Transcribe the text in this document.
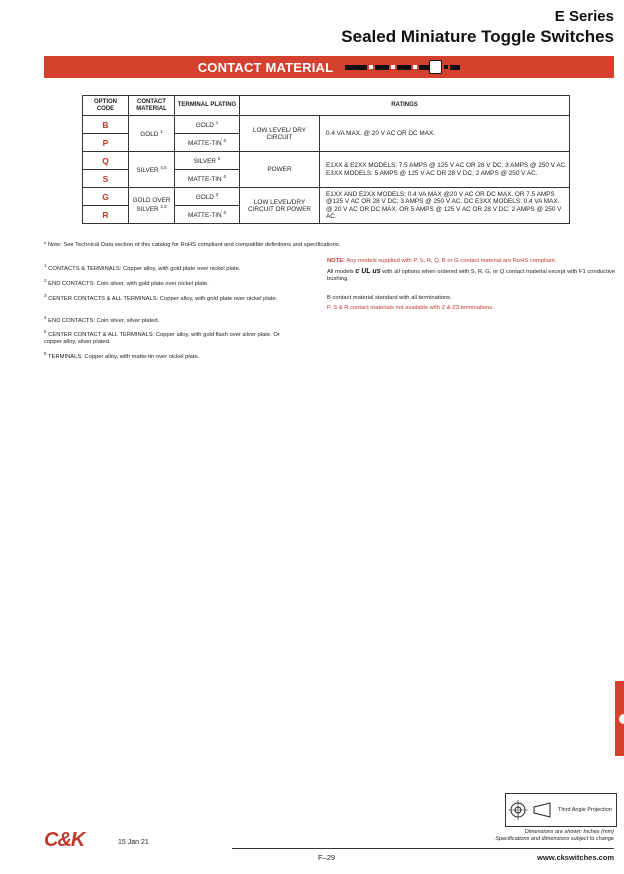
E Series
Sealed Miniature Toggle Switches
CONTACT MATERIAL
OPTION CODE	CONTACT MATERIAL	TERMINAL PLATING	RATINGS	
B	GOLD $^1$	GOLD $^1$	LOW LEVEL/ DRY CIRCUIT	0.4 VA MAX. @ 20 V AC OR DC MAX.
P		MATTE-TIN $^6$
Q	SILVER $^{4,5}$	SILVER $^5$	POWER	E1XX & E2XX MODELS: 7.5 AMPS @ 125 V AC OR 28 V DC; 3 AMPS @ 250 V AC. E3XX MODELS: 5 AMPS @ 125 V AC OR 28 V DC; 2 AMPS @ 250 V AC.
S		MATTE-TIN $^6$
G	GOLD OVER SILVER $^{2,3}$	GOLD $^3$	LOW LEVEL/DRY CIRCUIT OR POWER	E1XX AND E2XX MODELS: 0.4 VA MAX @20 V AC OR DC MAX. OR 7.5 AMPS @125 V AC OR 28 V DC; 3 AMPS @ 250 V AC. DC E3XX MODELS: 0.4 VA MAX. @ 20 V AC OR DC MAX. OR 5 AMPS @ 125 V AC OR 28 V DC; 2 AMPS @ 250 V AC.
R		MATTE-TIN $^6$
* Note: See Technical Data section of this catalog for RoHS compliant and compatible definitions and specifications.
$^1$ CONTACTS & TERMINALS: Copper alloy, with gold plate over nickel plate.
$^2$ END CONTACTS: Coin silver, with gold plate over nickel plate.
$^3$ CENTER CONTACTS & ALL TERMINALS: Copper alloy, with gold plate over nickel plate.
$^4$ END CONTACTS: Coin silver, silver plated.
$^5$ CENTER CONTACT & ALL TERMINALS: Copper alloy, with gold flash over silver plate. Or copper alloy, silver plated.
$^6$ TERMINALS: Copper alloy, with matte-tin over nickel plate.
NOTE: Any models supplied with P, S, R, Q, B or G contact material are RoHS compliant.
All models c UL us with all options when ordered with S, R, G, or Q contact material except with F1 conductive bushing.
B contact material standard with all terminations.
P, S & R contact materials not available with Z & Z3 terminations.
Third Angle Projection
Dimensions are shown: Inches (mm)
Specifications and dimensions subject to change
C&K	15 Jan 21
F–29	www.ckswitches.com
